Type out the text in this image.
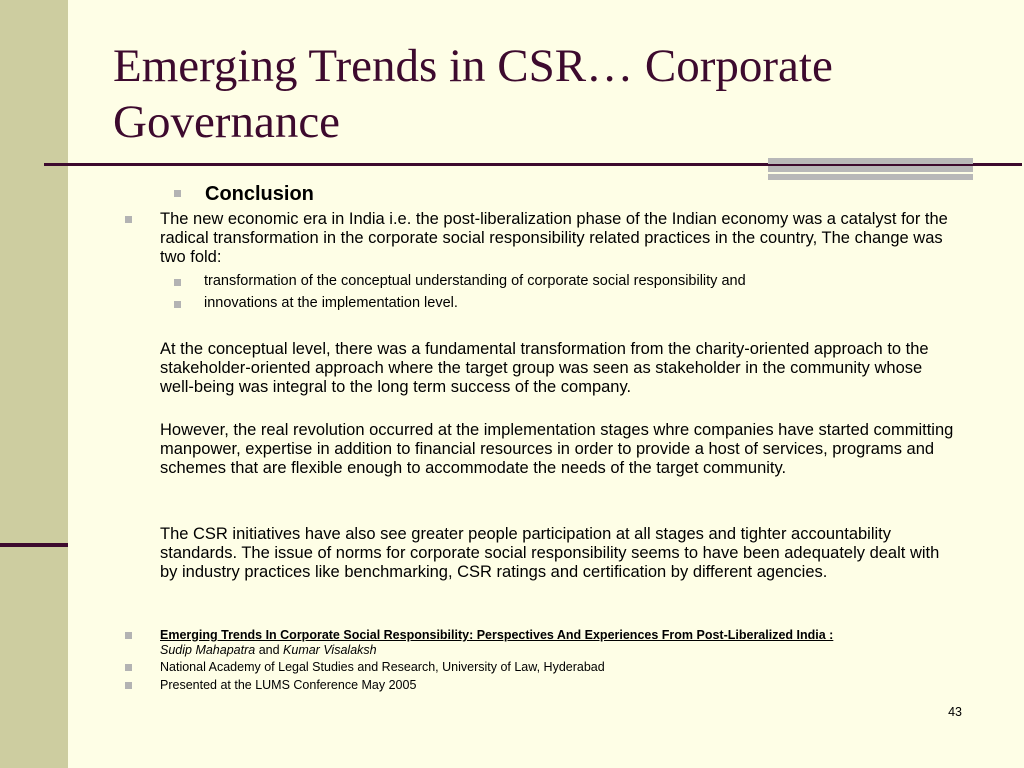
Emerging Trends in CSR… Corporate Governance

Conclusion

The new economic era in India i.e. the post-liberalization phase of the Indian economy was a catalyst for the radical transformation in the corporate social responsibility related practices in the country, The change was two fold:

transformation of the conceptual understanding of corporate social responsibility and

innovations at the implementation level.

At the conceptual level, there was a fundamental transformation from the charity-oriented approach to the stakeholder-oriented approach where the target group was seen as stakeholder in the community whose well-being was integral to the long term success of the company.

However, the real revolution occurred at the implementation stages whre companies have started committing manpower, expertise in addition to financial resources in order to provide a host of services, programs and schemes that are flexible enough to accommodate the needs of the target community.

The CSR initiatives have also see greater people participation at all stages and tighter accountability standards. The issue of norms for corporate social responsibility seems to have been adequately dealt with by industry practices like benchmarking, CSR ratings and certification by different agencies.

Emerging Trends In Corporate Social Responsibility: Perspectives And Experiences From Post-Liberalized India :
Sudip Mahapatra and Kumar Visalaksh

National Academy of Legal Studies and Research, University of Law, Hyderabad

Presented at the LUMS Conference May 2005

43
